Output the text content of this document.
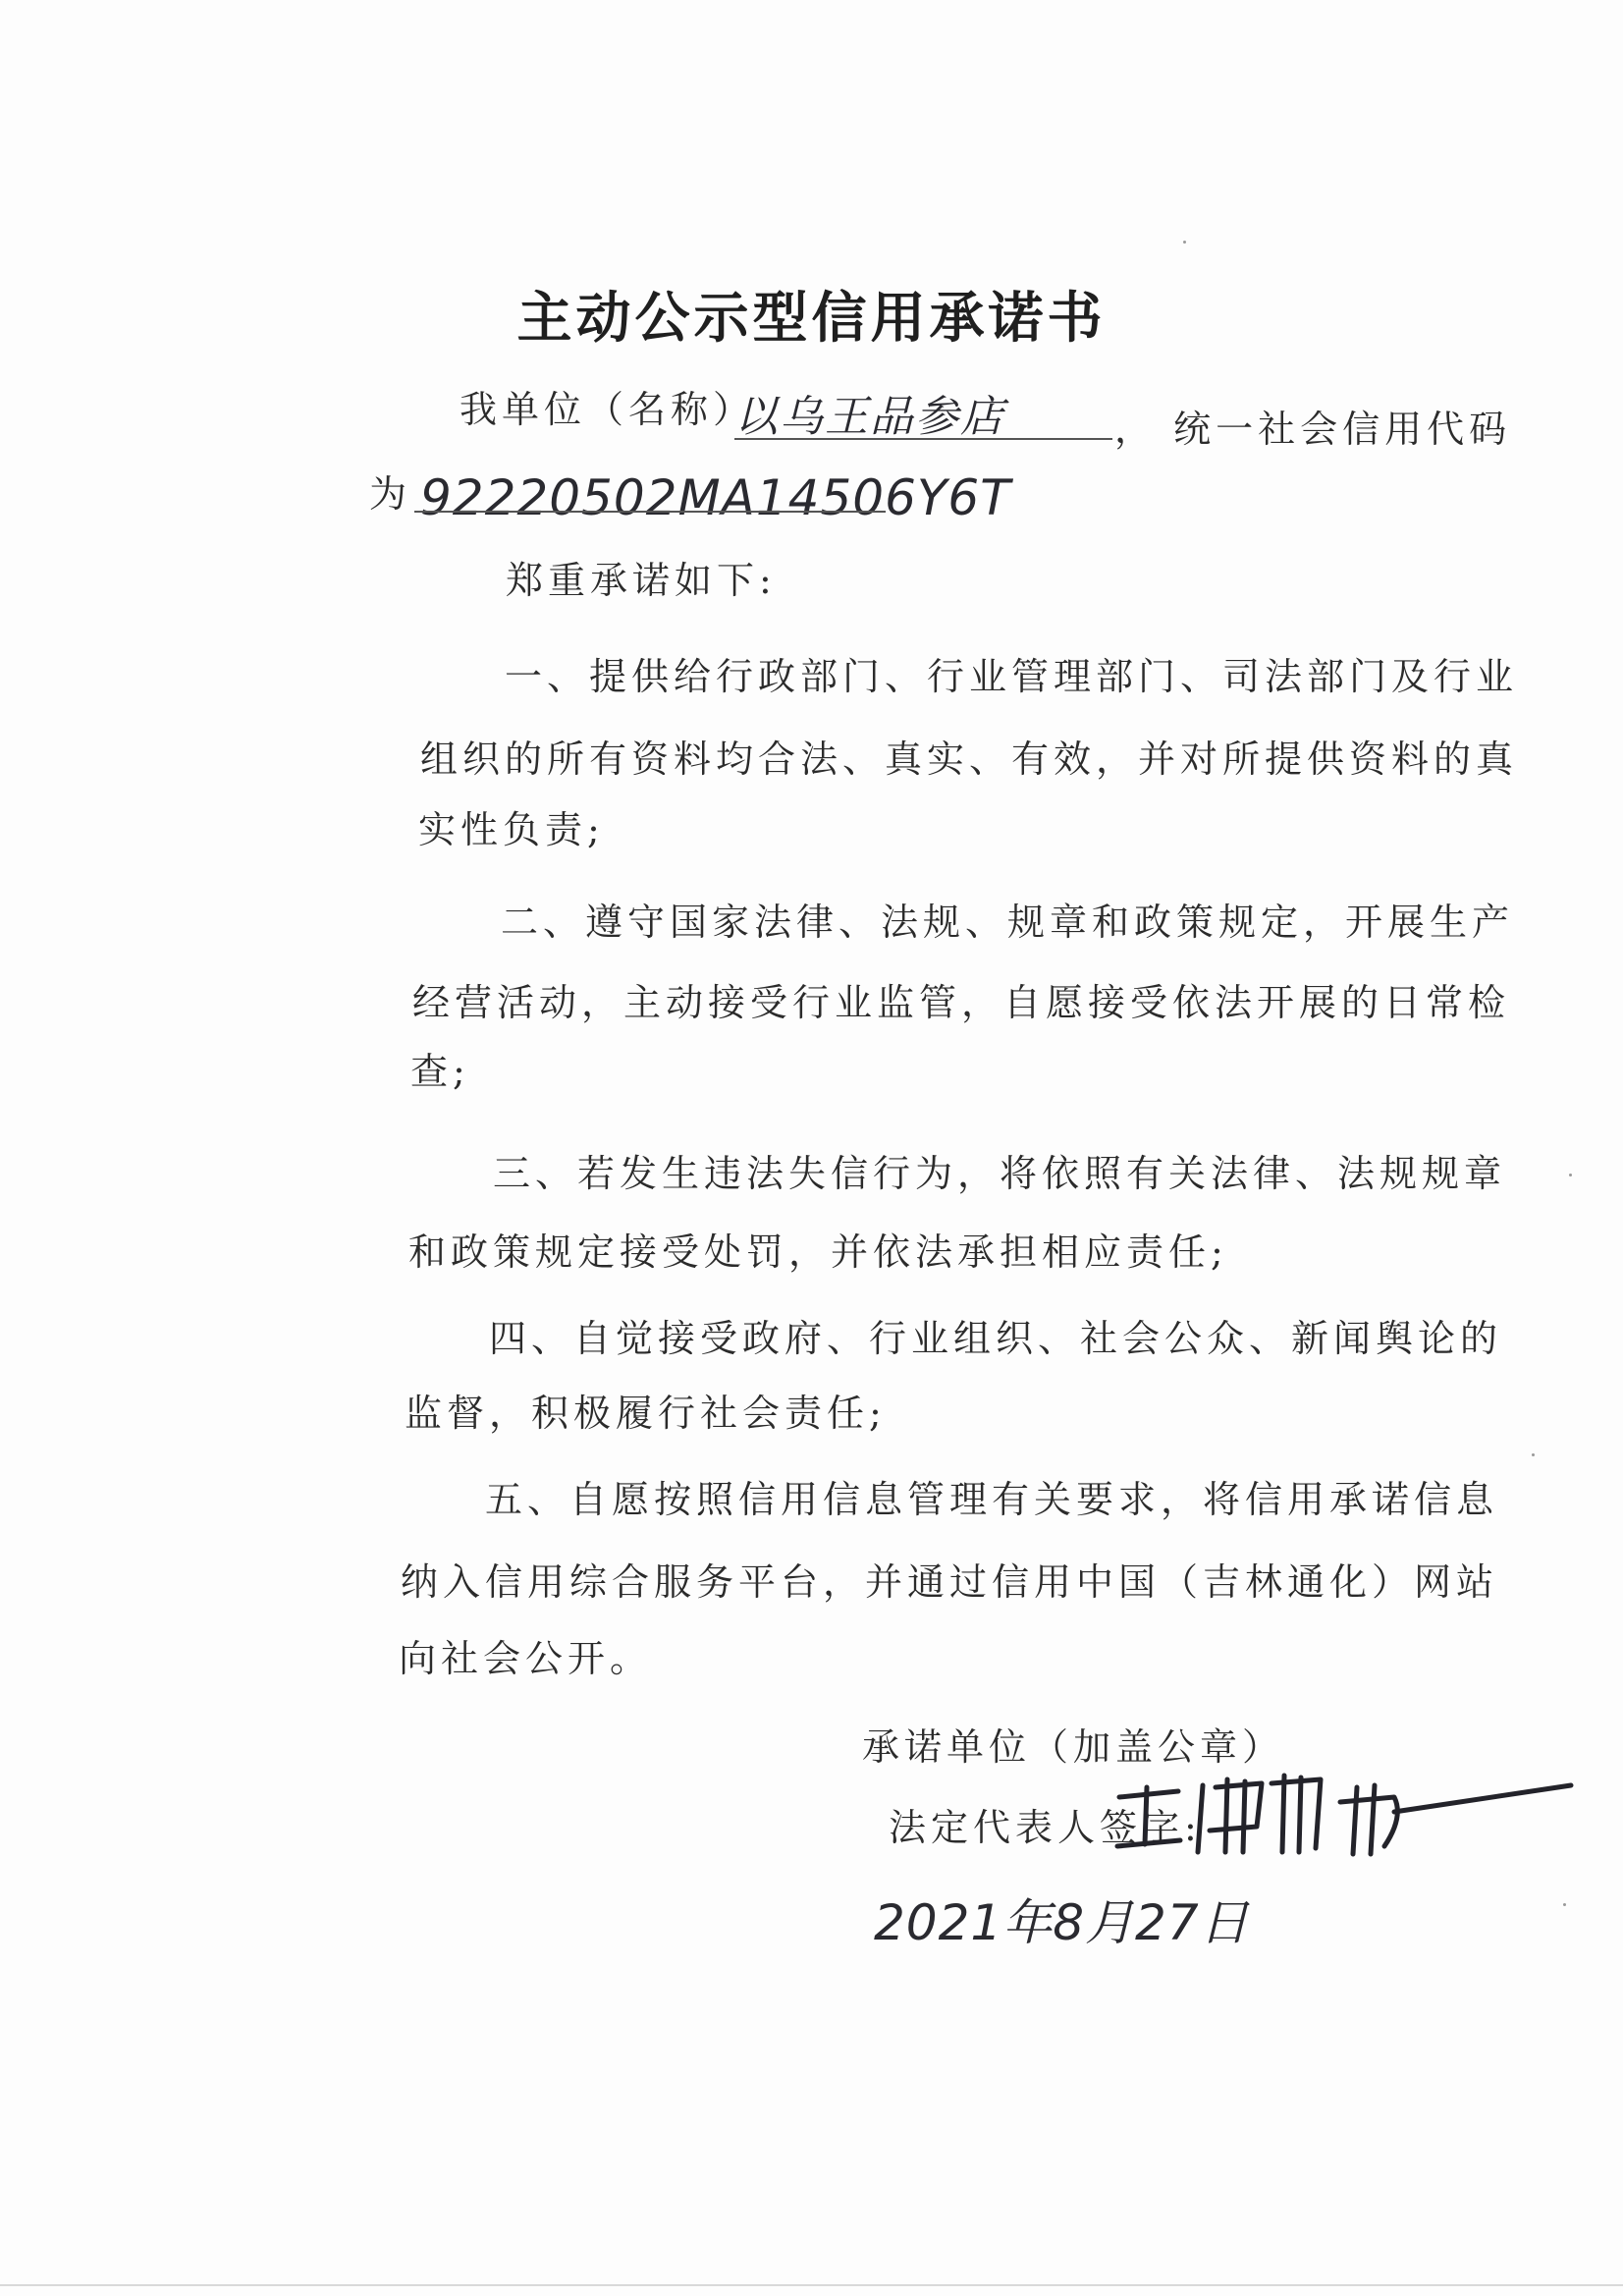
主动公示型信用承诺书
我单位（名称）
以乌王品参店	， 统一社会信用代码
为 92220502MA14506Y6T
郑重承诺如下:
一、提供给行政部门、行业管理部门、司法部门及行业
组织的所有资料均合法、真实、有效，并对所提供资料的真
实性负责;
二、遵守国家法律、法规、规章和政策规定，开展生产
经营活动，主动接受行业监管，自愿接受依法开展的日常检
查;
三、若发生违法失信行为，将依照有关法律、法规规章
和政策规定接受处罚，并依法承担相应责任;
四、自觉接受政府、行业组织、社会公众、新闻舆论的
监督，积极履行社会责任;
五、自愿按照信用信息管理有关要求，将信用承诺信息
纳入信用综合服务平台，并通过信用中国（吉林通化）网站
向社会公开。
承诺单位（加盖公章）
法定代表人签字:
2021年8月27日
